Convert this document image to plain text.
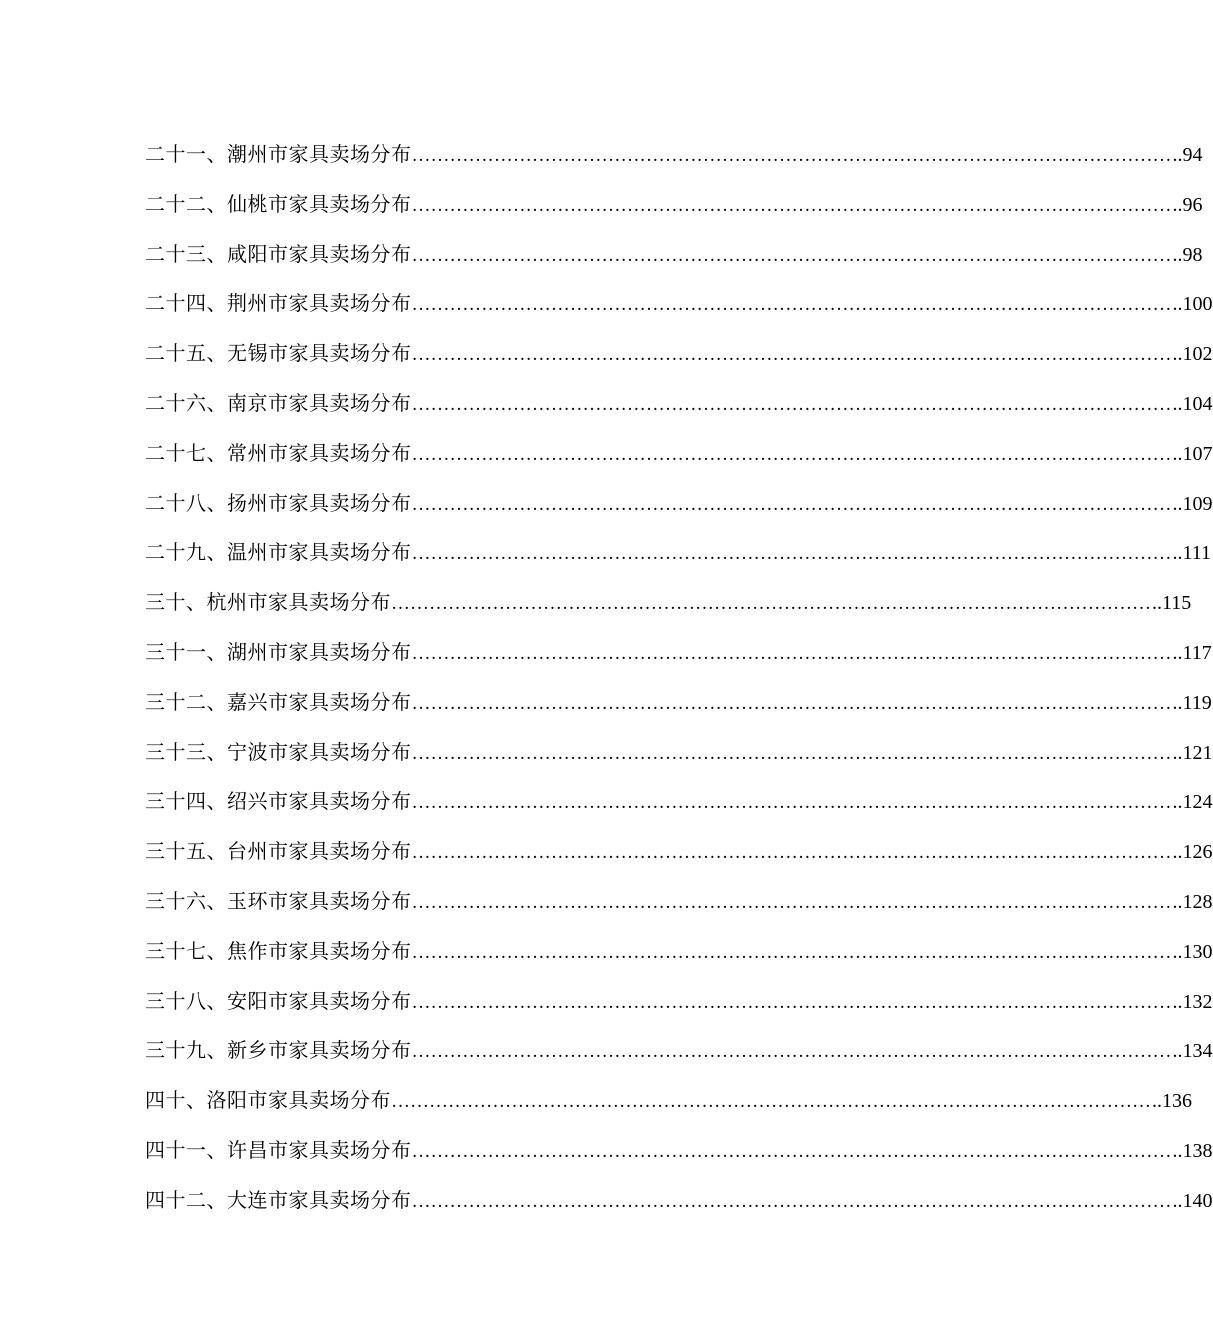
二十一、潮州市家具卖场分布 ………………………………………………………………………………………………………… ..94
二十二、仙桃市家具卖场分布 ………………………………………………………………………………………………………… ..96
二十三、咸阳市家具卖场分布 ………………………………………………………………………………………………………… ..98
二十四、荆州市家具卖场分布 ………………………………………………………………………………………………………… ..100
二十五、无锡市家具卖场分布 ………………………………………………………………………………………………………… ..102
二十六、南京市家具卖场分布 ………………………………………………………………………………………………………… ..104
二十七、常州市家具卖场分布 ………………………………………………………………………………………………………… ..107
二十八、扬州市家具卖场分布 ………………………………………………………………………………………………………… ..109
二十九、温州市家具卖场分布 ………………………………………………………………………………………………………… ..111
三十、杭州市家具卖场分布 ………………………………………………………………………………………………………… ..115
三十一、湖州市家具卖场分布 ………………………………………………………………………………………………………… ..117
三十二、嘉兴市家具卖场分布 ………………………………………………………………………………………………………… ..119
三十三、宁波市家具卖场分布 ………………………………………………………………………………………………………… ..121
三十四、绍兴市家具卖场分布 ………………………………………………………………………………………………………… ..124
三十五、台州市家具卖场分布 ………………………………………………………………………………………………………… ..126
三十六、玉环市家具卖场分布 ………………………………………………………………………………………………………… ..128
三十七、焦作市家具卖场分布 ………………………………………………………………………………………………………… ..130
三十八、安阳市家具卖场分布 ………………………………………………………………………………………………………… ..132
三十九、新乡市家具卖场分布 ………………………………………………………………………………………………………… ..134
四十、洛阳市家具卖场分布 ………………………………………………………………………………………………………… ..136
四十一、许昌市家具卖场分布 ………………………………………………………………………………………………………… ..138
四十二、大连市家具卖场分布 ………………………………………………………………………………………………………… ..140
